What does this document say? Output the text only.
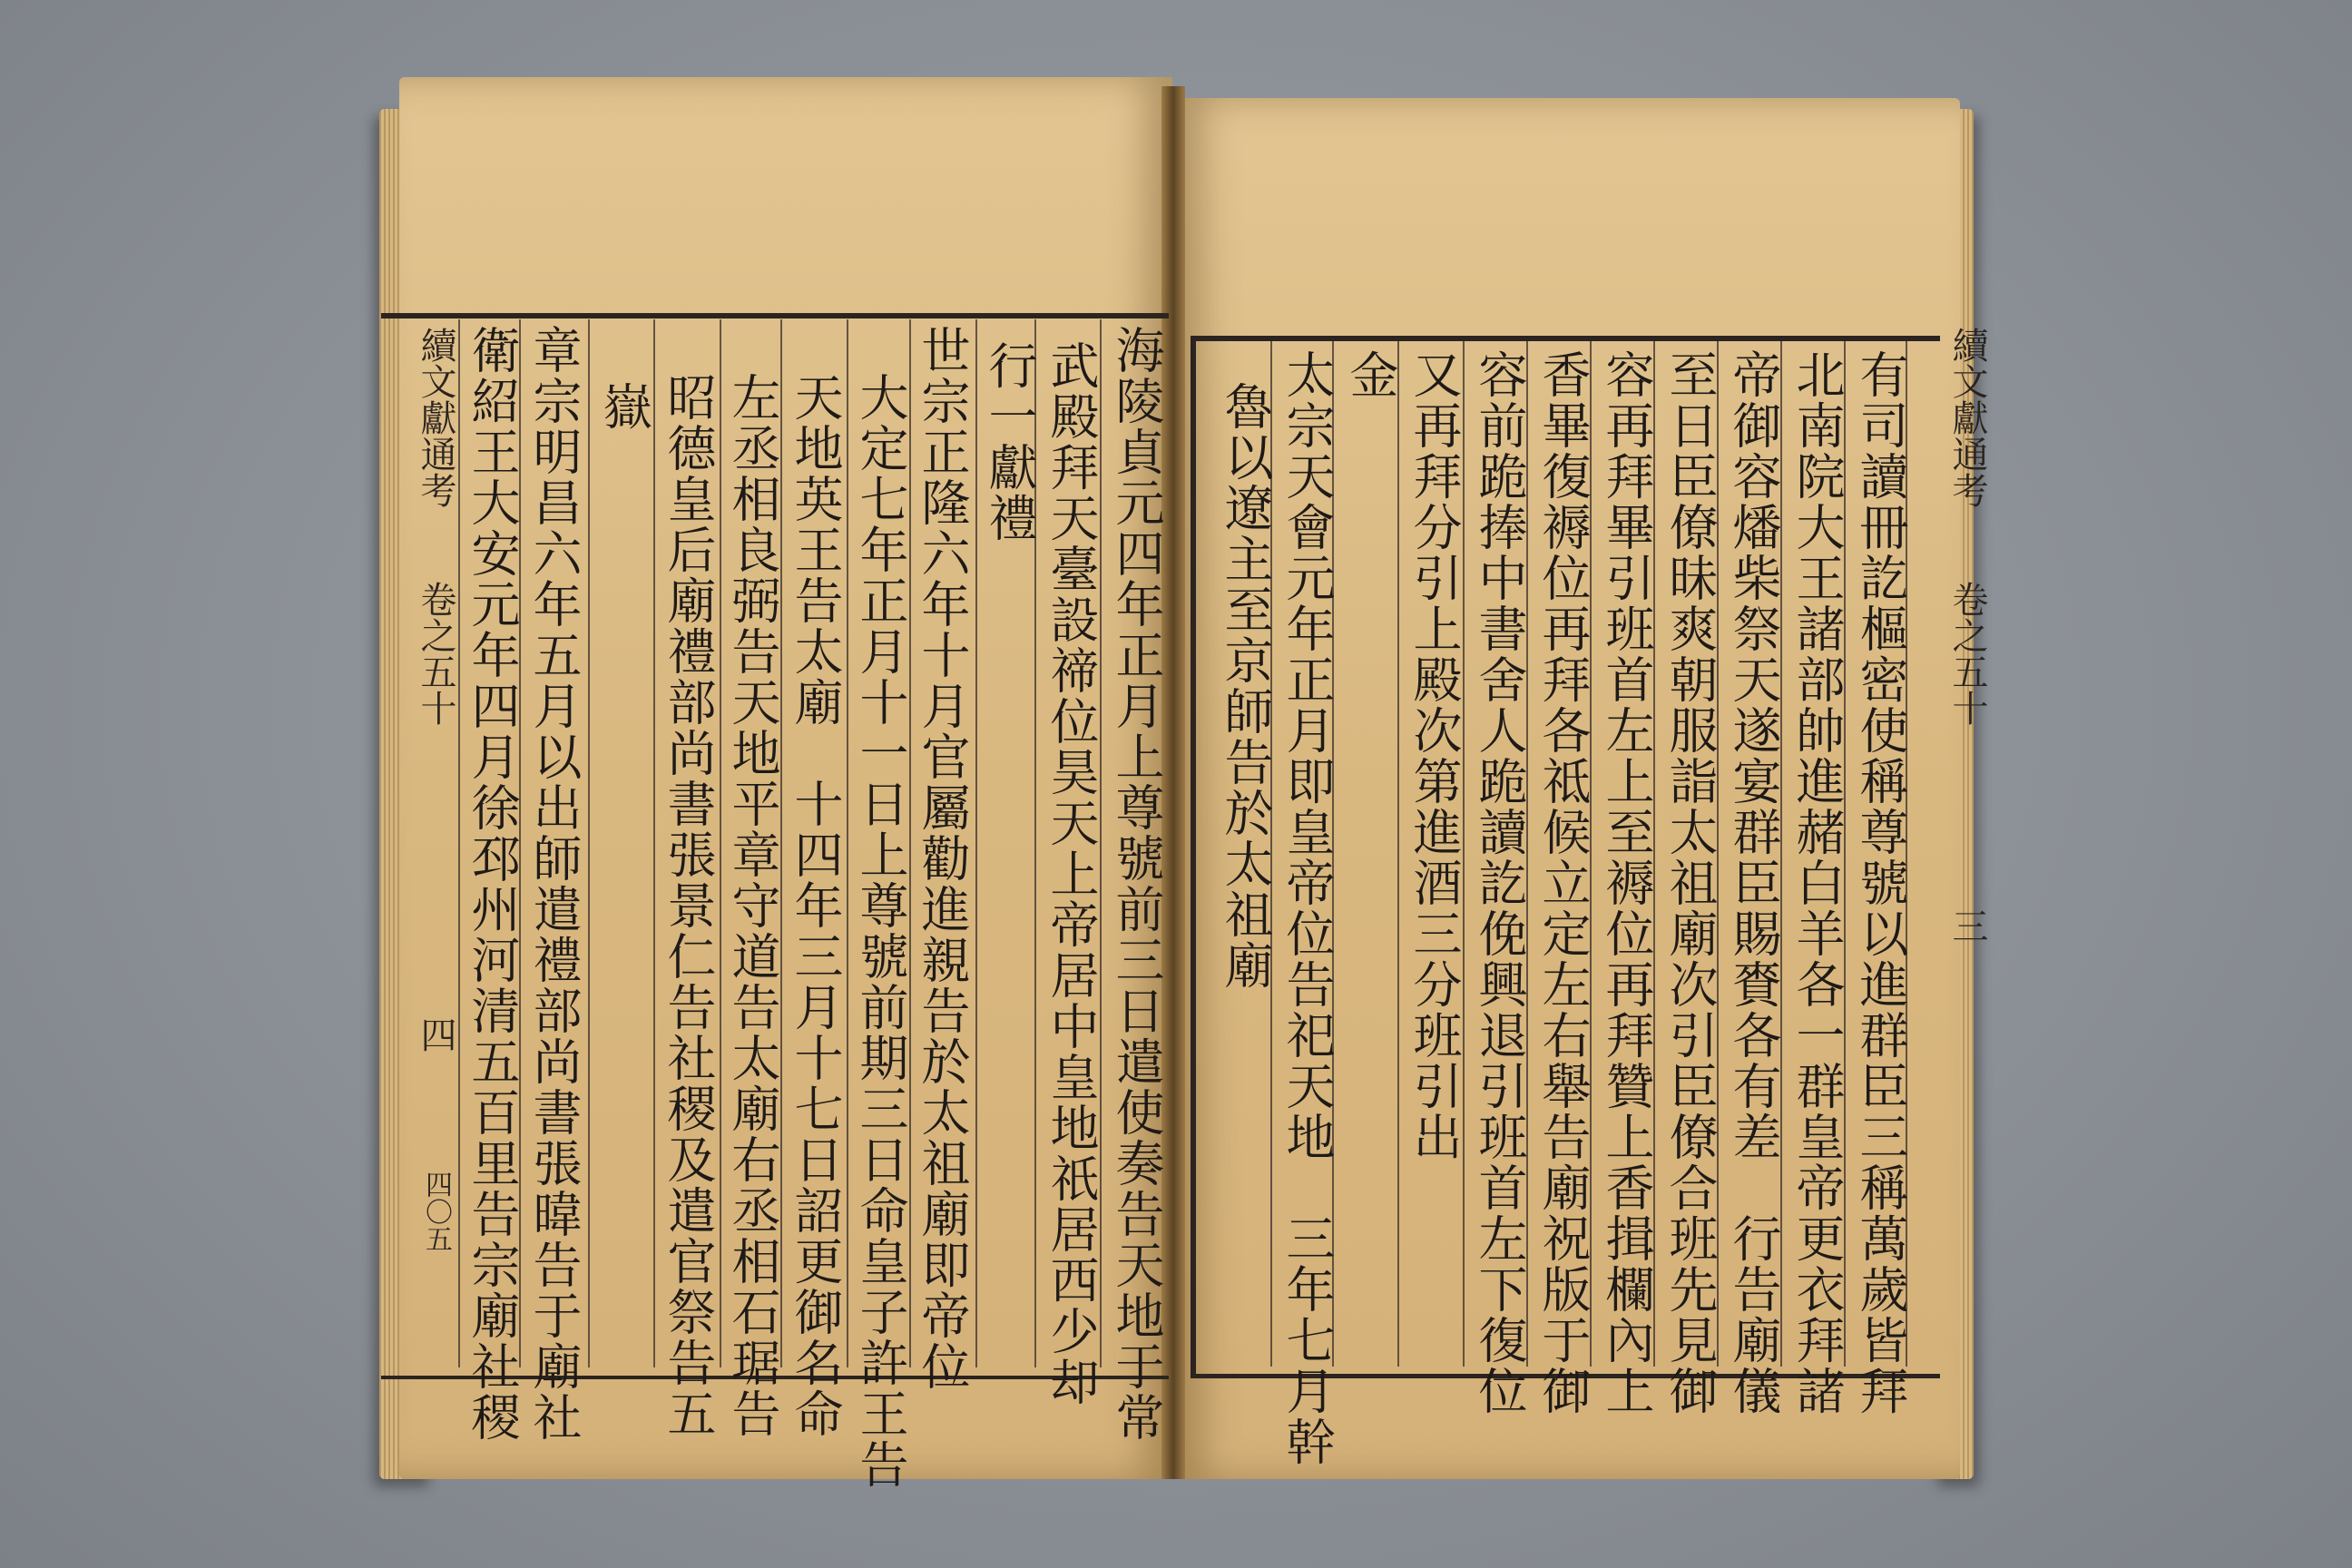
續文獻通考
卷之五十
四
四〇五	海陵貞元四年正月上尊號前三日遣使奏告天地于常
武殿拜天臺設禘位昊天上帝居中皇地祇居西少却
行一獻禮
世宗正隆六年十月官屬勸進親告於太祖廟即帝位
大定七年正月十一日上尊號前期三日命皇子許王告
天地英王告太廟　十四年三月十七日詔更御名命
左丞相良弼告天地平章守道告太廟右丞相石琚告
昭德皇后廟禮部尚書張景仁告社稷及遣官祭告五
嶽
章宗明昌六年五月以出師遣禮部尚書張暐告于廟社
衛紹王大安元年四月徐邳州河清五百里告宗廟社稷	續文獻通考
卷之五十
三
有司讀冊訖樞密使稱尊號以進群臣三稱萬歲皆拜
北南院大王諸部帥進赭白羊各一群皇帝更衣拜諸
帝御容燔柴祭天遂宴群臣賜賚各有差　行告廟儀
至日臣僚昧爽朝服詣太祖廟次引臣僚合班先見御
容再拜畢引班首左上至褥位再拜贊上香揖欄內上
香畢復褥位再拜各祗候立定左右舉告廟祝版于御
容前跪捧中書舍人跪讀訖俛興退引班首左下復位
又再拜分引上殿次第進酒三分班引出
金
太宗天會元年正月即皇帝位告祀天地　三年七月幹
魯以遼主至京師告於太祖廟
